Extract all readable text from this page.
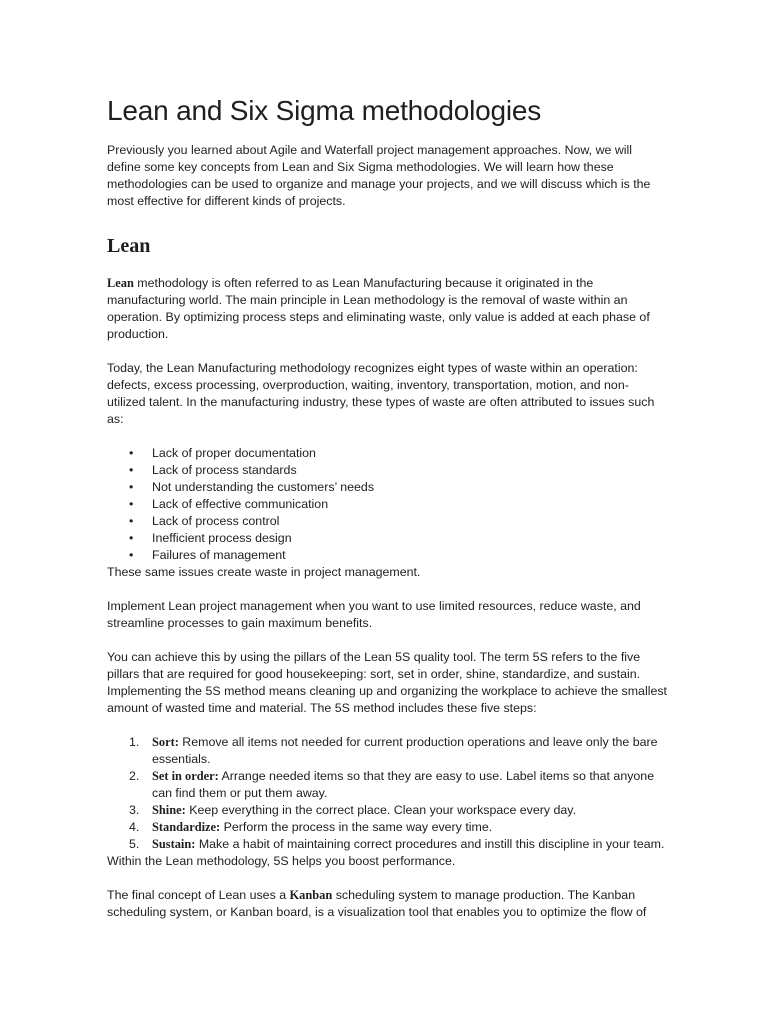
Lean and Six Sigma methodologies

Previously you learned about Agile and Waterfall project management approaches. Now, we will define some key concepts from Lean and Six Sigma methodologies. We will learn how these methodologies can be used to organize and manage your projects, and we will discuss which is the most effective for different kinds of projects.

Lean

Lean methodology is often referred to as Lean Manufacturing because it originated in the manufacturing world. The main principle in Lean methodology is the removal of waste within an operation. By optimizing process steps and eliminating waste, only value is added at each phase of production.

Today, the Lean Manufacturing methodology recognizes eight types of waste within an operation: defects, excess processing, overproduction, waiting, inventory, transportation, motion, and non-utilized talent. In the manufacturing industry, these types of waste are often attributed to issues such as:

• Lack of proper documentation
• Lack of process standards
• Not understanding the customers’ needs
• Lack of effective communication
• Lack of process control
• Inefficient process design
• Failures of management

These same issues create waste in project management.

Implement Lean project management when you want to use limited resources, reduce waste, and streamline processes to gain maximum benefits.

You can achieve this by using the pillars of the Lean 5S quality tool. The term 5S refers to the five pillars that are required for good housekeeping: sort, set in order, shine, standardize, and sustain. Implementing the 5S method means cleaning up and organizing the workplace to achieve the smallest amount of wasted time and material. The 5S method includes these five steps:

1. Sort: Remove all items not needed for current production operations and leave only the bare essentials.
2. Set in order: Arrange needed items so that they are easy to use. Label items so that anyone can find them or put them away.
3. Shine: Keep everything in the correct place. Clean your workspace every day.
4. Standardize: Perform the process in the same way every time.
5. Sustain: Make a habit of maintaining correct procedures and instill this discipline in your team.

Within the Lean methodology, 5S helps you boost performance.

The final concept of Lean uses a Kanban scheduling system to manage production. The Kanban scheduling system, or Kanban board, is a visualization tool that enables you to optimize the flow of
